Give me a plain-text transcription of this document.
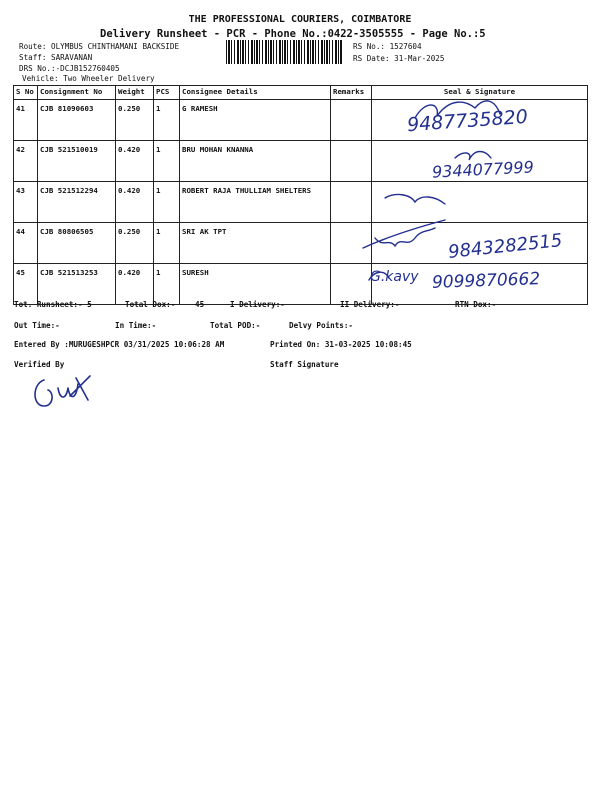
THE PROFESSIONAL COURIERS, COIMBATORE
Delivery Runsheet - PCR - Phone No.:0422-3505555 - Page No.:5
Route: OLYMBUS CHINTHAMANI BACKSIDE
Staff: SARAVANAN
DRS No.:-DCJB152760405
Vehicle: Two Wheeler Delivery
RS No.: 1527604
RS Date: 31-Mar-2025
S No	Consignment No	Weight	PCS	Consignee Details	Remarks	Seal & Signature
41	CJB 81090603	0.250	1	G RAMESH		
42	CJB 521510019	0.420	1	BRU MOHAN KNANNA		
43	CJB 521512294	0.420	1	ROBERT RAJA THULLIAM SHELTERS		
44	CJB 80806505	0.250	1	SRI AK TPT		
45	CJB 521513253	0.420	1	SURESH		
9487735820
9344077999
9843282515
G.kavy 9099870662
Tot. Runsheet:- 5	Total Dox:-	45	I Delivery:-	II Delivery:-	RTN Dox:-
Out Time:-	In Time:-	Total POD:-	Delvy Points:-
Entered By :MURUGESHPCR 03/31/2025 10:06:28 AM	Printed On: 31-03-2025 10:08:45
Verified By	Staff Signature
